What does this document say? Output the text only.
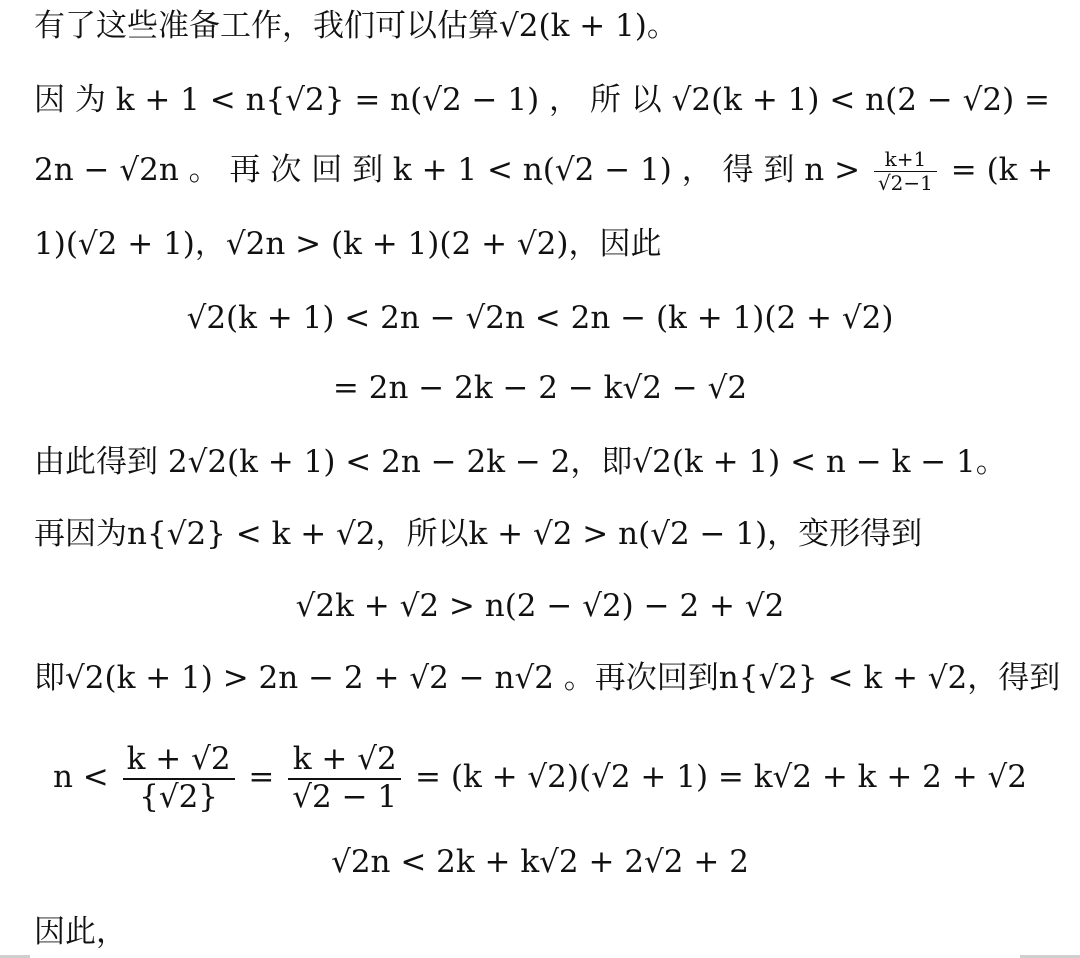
有了这些准备工作，我们可以估算√2(k + 1)。
因 为 k + 1 < n{√2} = n(√2 − 1) ， 所 以 √2(k + 1) < n(2 − √2) =
2n − √2n 。 再 次 回 到 k + 1 < n(√2 − 1) ， 得 到 $n > \frac{k+1}{√2-1} = (k$ +
1)(√2 + 1)，√2n > (k + 1)(2 + √2)，因此
√2(k + 1) < 2n − √2n < 2n − (k + 1)(2 + √2)
= 2n − 2k − 2 − k√2 − √2
由此得到 2√2(k + 1) < 2n − 2k − 2，即√2(k + 1) < n − k − 1。
再因为n{√2} < k + √2，所以k + √2 > n(√2 − 1)，变形得到
√2k + √2 > n(2 − √2) − 2 + √2
即√2(k + 1) > 2n − 2 + √2 − n√2 。再次回到n{√2} < k + √2，得到
$n < \frac{k + √2}{\{√2\}} = \frac{k + √2}{√2 - 1} = (k + √2)(√2 + 1) = k√2 + k + 2 + √2$
√2n < 2k + k√2 + 2√2 + 2
因此，
